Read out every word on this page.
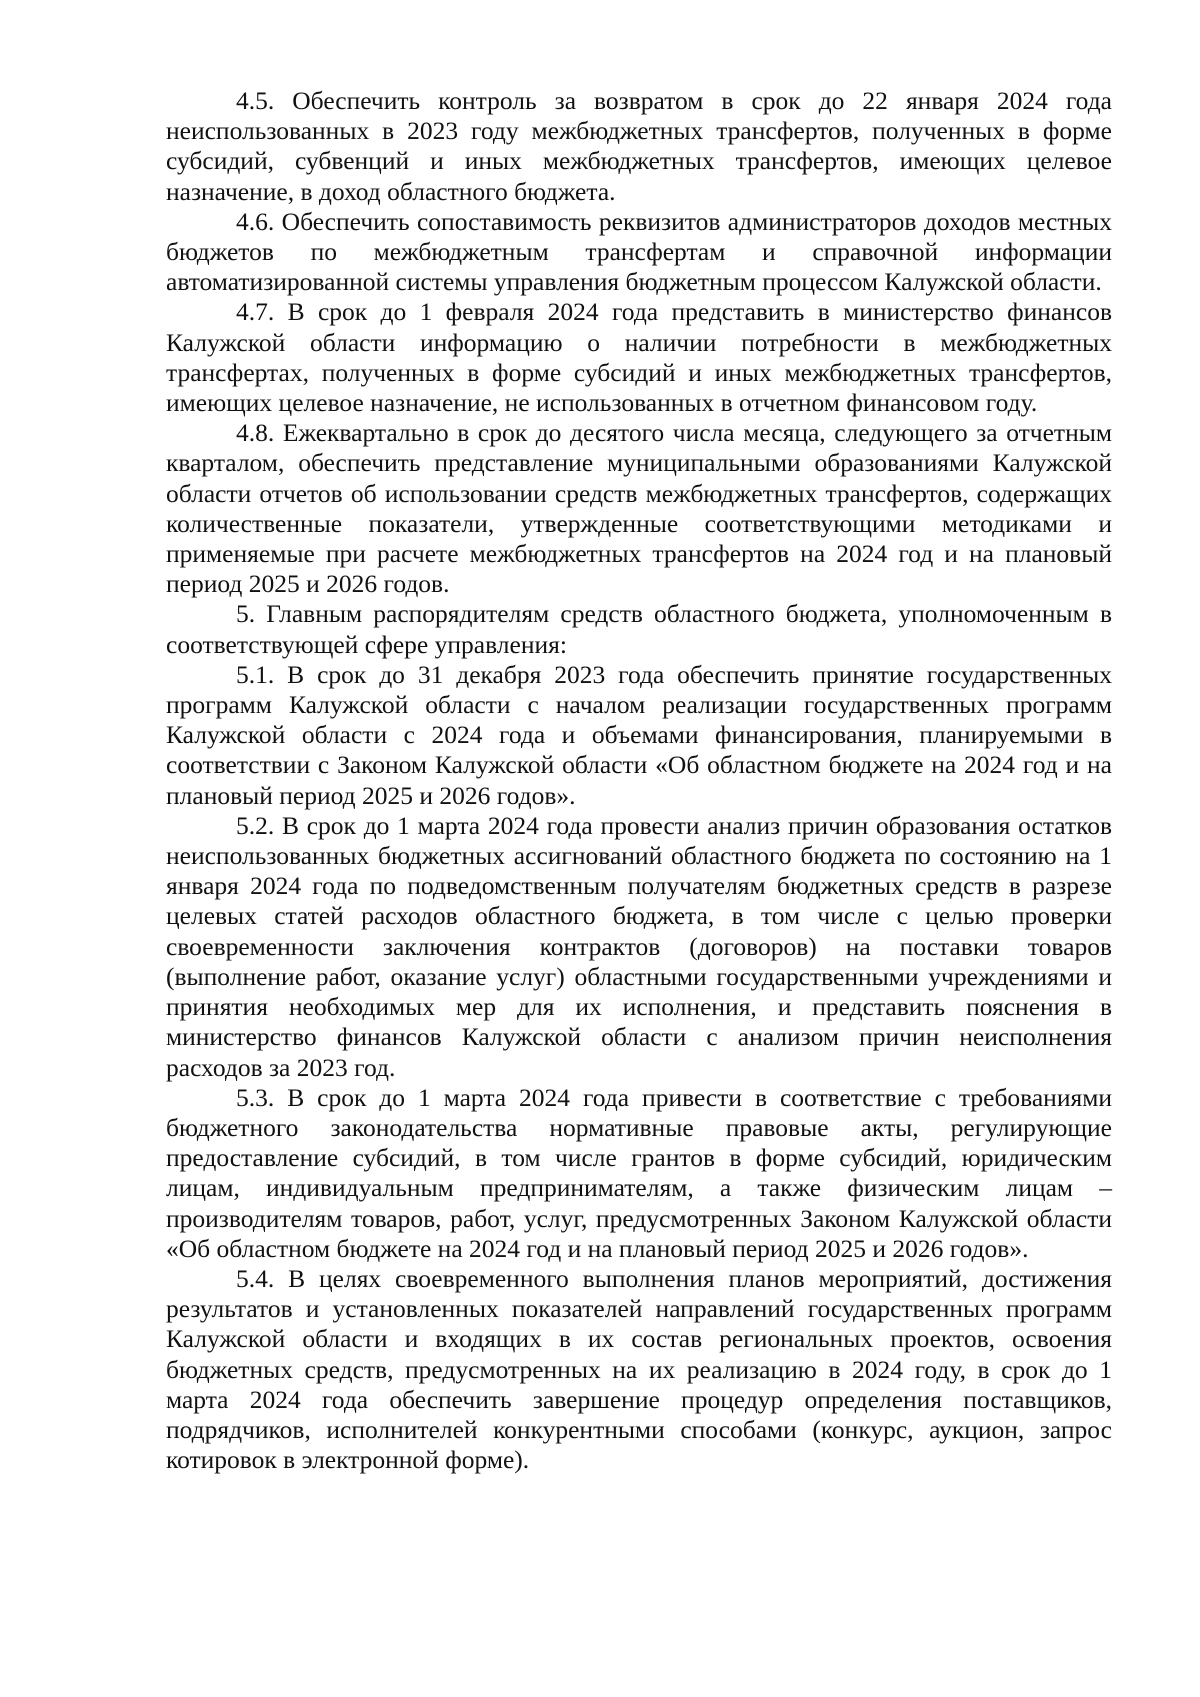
4.5. Обеспечить контроль за возвратом в срок до 22 января 2024 года неиспользованных в 2023 году межбюджетных трансфертов, полученных в форме субсидий, субвенций и иных межбюджетных трансфертов, имеющих целевое назначение, в доход областного бюджета.

4.6. Обеспечить сопоставимость реквизитов администраторов доходов местных бюджетов по межбюджетным трансфертам и справочной информации автоматизированной системы управления бюджетным процессом Калужской области.

4.7. В срок до 1 февраля 2024 года представить в министерство финансов Калужской области информацию о наличии потребности в межбюджетных трансфертах, полученных в форме субсидий и иных межбюджетных трансфертов, имеющих целевое назначение, не использованных в отчетном финансовом году.

4.8. Ежеквартально в срок до десятого числа месяца, следующего за отчетным кварталом, обеспечить представление муниципальными образованиями Калужской области отчетов об использовании средств межбюджетных трансфертов, содержащих количественные показатели, утвержденные соответствующими методиками и применяемые при расчете межбюджетных трансфертов на 2024 год и на плановый период 2025 и 2026 годов.

5. Главным распорядителям средств областного бюджета, уполномоченным в соответствующей сфере управления:

5.1. В срок до 31 декабря 2023 года обеспечить принятие государственных программ Калужской области с началом реализации государственных программ Калужской области с 2024 года и объемами финансирования, планируемыми в соответствии с Законом Калужской области «Об областном бюджете на 2024 год и на плановый период 2025 и 2026 годов».

5.2. В срок до 1 марта 2024 года провести анализ причин образования остатков неиспользованных бюджетных ассигнований областного бюджета по состоянию на 1 января 2024 года по подведомственным получателям бюджетных средств в разрезе целевых статей расходов областного бюджета, в том числе с целью проверки своевременности заключения контрактов (договоров) на поставки товаров (выполнение работ, оказание услуг) областными государственными учреждениями и принятия необходимых мер для их исполнения, и представить пояснения в министерство финансов Калужской области с анализом причин неисполнения расходов за 2023 год.

5.3. В срок до 1 марта 2024 года привести в соответствие с требованиями бюджетного законодательства нормативные правовые акты, регулирующие предоставление субсидий, в том числе грантов в форме субсидий, юридическим лицам, индивидуальным предпринимателям, а также физическим лицам – производителям товаров, работ, услуг, предусмотренных Законом Калужской области «Об областном бюджете на 2024 год и на плановый период 2025 и 2026 годов».

5.4. В целях своевременного выполнения планов мероприятий, достижения результатов и установленных показателей направлений государственных программ Калужской области и входящих в их состав региональных проектов, освоения бюджетных средств, предусмотренных на их реализацию в 2024 году, в срок до 1 марта 2024 года обеспечить завершение процедур определения поставщиков, подрядчиков, исполнителей конкурентными способами (конкурс, аукцион, запрос котировок в электронной форме).
